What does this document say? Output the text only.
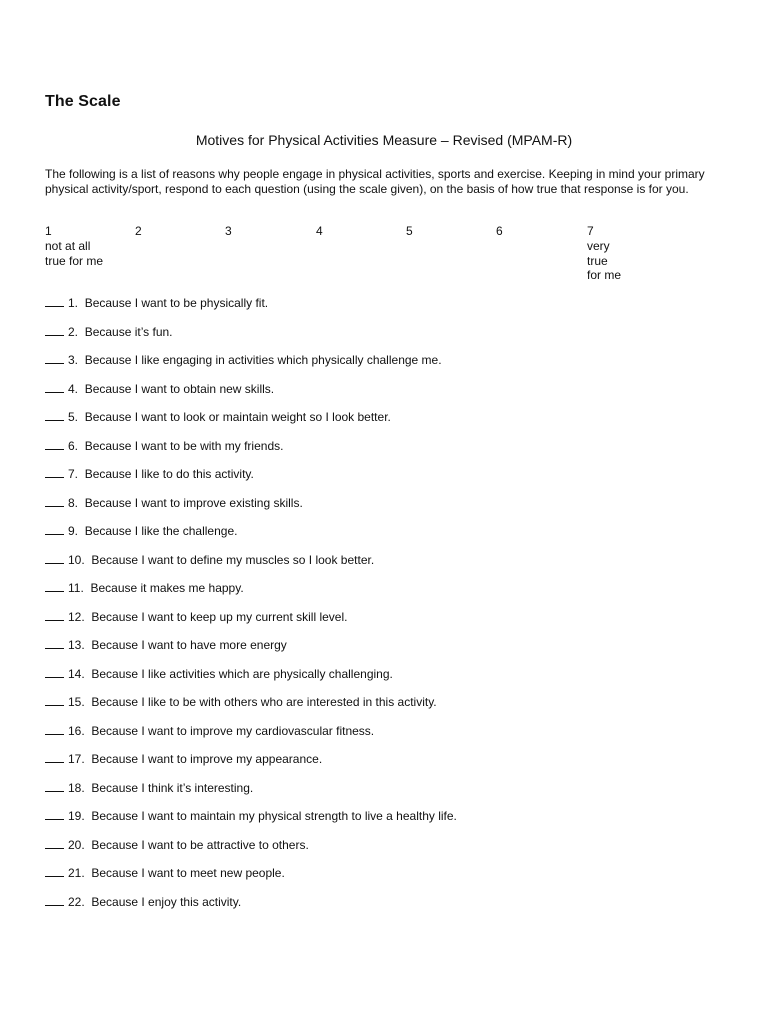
The Scale
Motives for Physical Activities Measure – Revised (MPAM-R)
The following is a list of reasons why people engage in physical activities, sports and exercise. Keeping in mind your primary physical activity/sport, respond to each question (using the scale given), on the basis of how true that response is for you.
1	2	3	4	5	6	7
not at all
true for me
very
true
for me
1. Because I want to be physically fit.
2. Because it’s fun.
3. Because I like engaging in activities which physically challenge me.
4. Because I want to obtain new skills.
5. Because I want to look or maintain weight so I look better.
6. Because I want to be with my friends.
7. Because I like to do this activity.
8. Because I want to improve existing skills.
9. Because I like the challenge.
10. Because I want to define my muscles so I look better.
11. Because it makes me happy.
12. Because I want to keep up my current skill level.
13. Because I want to have more energy
14. Because I like activities which are physically challenging.
15. Because I like to be with others who are interested in this activity.
16. Because I want to improve my cardiovascular fitness.
17. Because I want to improve my appearance.
18. Because I think it’s interesting.
19. Because I want to maintain my physical strength to live a healthy life.
20. Because I want to be attractive to others.
21. Because I want to meet new people.
22. Because I enjoy this activity.
